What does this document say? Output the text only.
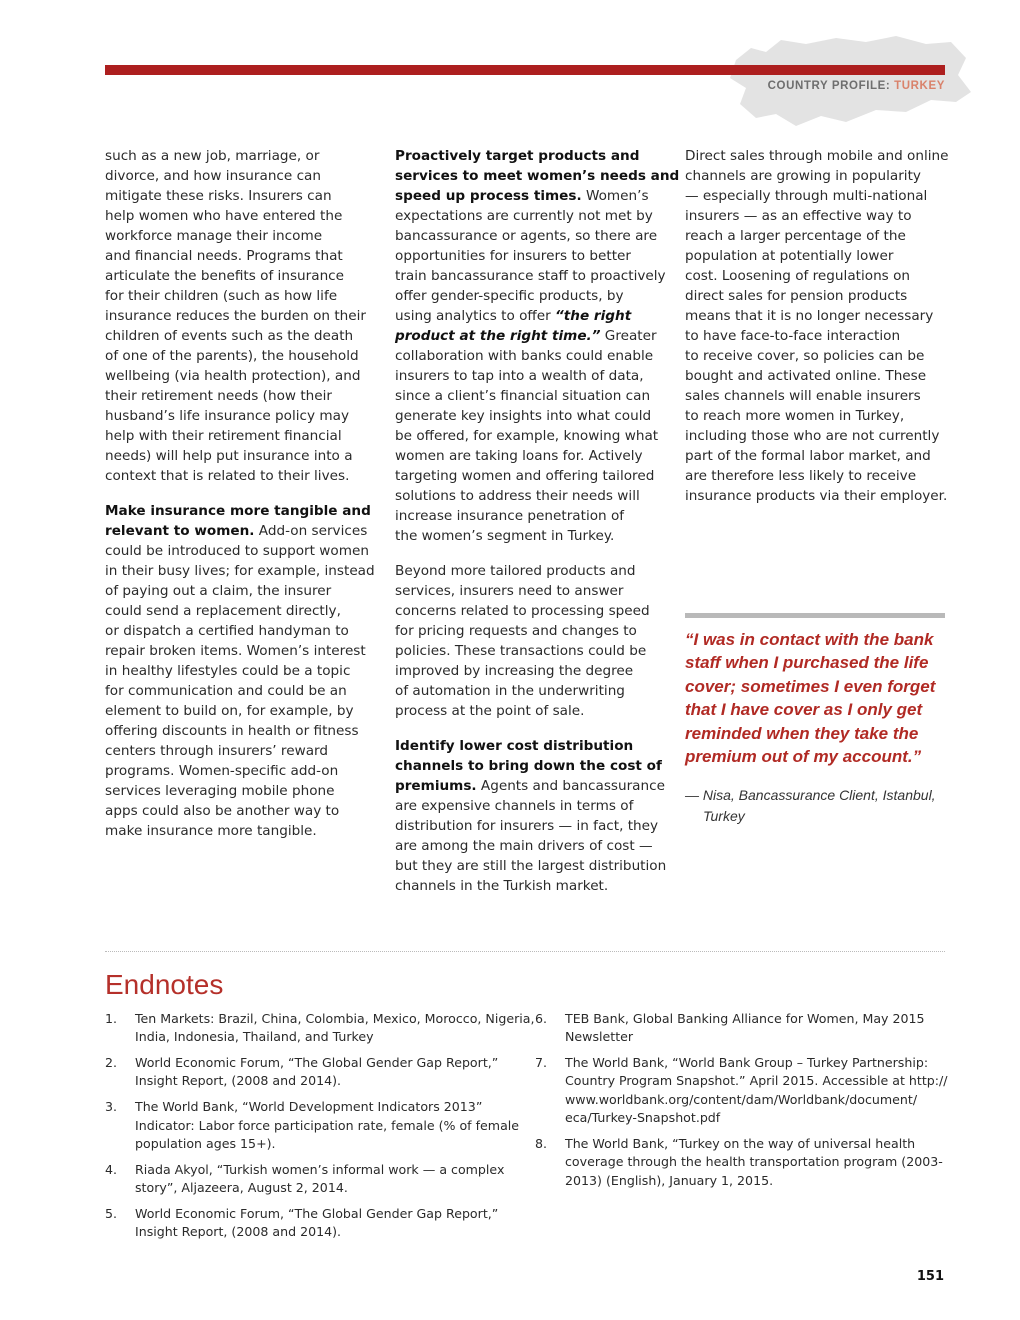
COUNTRY PROFILE: TURKEY

such as a new job, marriage, or
divorce, and how insurance can
mitigate these risks. Insurers can
help women who have entered the
workforce manage their income
and financial needs. Programs that
articulate the benefits of insurance
for their children (such as how life
insurance reduces the burden on their
children of events such as the death
of one of the parents), the household
wellbeing (via health protection), and
their retirement needs (how their
husband’s life insurance policy may
help with their retirement financial
needs) will help put insurance into a
context that is related to their lives.

Make insurance more tangible and
relevant to women. Add-on services
could be introduced to support women
in their busy lives; for example, instead
of paying out a claim, the insurer
could send a replacement directly,
or dispatch a certified handyman to
repair broken items. Women’s interest
in healthy lifestyles could be a topic
for communication and could be an
element to build on, for example, by
offering discounts in health or fitness
centers through insurers’ reward
programs. Women-specific add-on
services leveraging mobile phone
apps could also be another way to
make insurance more tangible.

Proactively target products and
services to meet women’s needs and
speed up process times. Women’s
expectations are currently not met by
bancassurance or agents, so there are
opportunities for insurers to better
train bancassurance staff to proactively
offer gender-specific products, by
using analytics to offer “the right
product at the right time.” Greater
collaboration with banks could enable
insurers to tap into a wealth of data,
since a client’s financial situation can
generate key insights into what could
be offered, for example, knowing what
women are taking loans for. Actively
targeting women and offering tailored
solutions to address their needs will
increase insurance penetration of
the women’s segment in Turkey.

Beyond more tailored products and
services, insurers need to answer
concerns related to processing speed
for pricing requests and changes to
policies. These transactions could be
improved by increasing the degree
of automation in the underwriting
process at the point of sale.

Identify lower cost distribution
channels to bring down the cost of
premiums. Agents and bancassurance
are expensive channels in terms of
distribution for insurers — in fact, they
are among the main drivers of cost —
but they are still the largest distribution
channels in the Turkish market.

Direct sales through mobile and online
channels are growing in popularity
— especially through multi-national
insurers — as an effective way to
reach a larger percentage of the
population at potentially lower
cost. Loosening of regulations on
direct sales for pension products
means that it is no longer necessary
to have face-to-face interaction
to receive cover, so policies can be
bought and activated online. These
sales channels will enable insurers
to reach more women in Turkey,
including those who are not currently
part of the formal labor market, and
are therefore less likely to receive
insurance products via their employer.

“I was in contact with the bank
staff when I purchased the life
cover; sometimes I even forget
that I have cover as I only get
reminded when they take the
premium out of my account.”
— Nisa, Bancassurance Client, Istanbul,
Turkey
Endnotes
1. Ten Markets: Brazil, China, Colombia, Mexico, Morocco, Nigeria,
India, Indonesia, Thailand, and Turkey
2. World Economic Forum, “The Global Gender Gap Report,”
Insight Report, (2008 and 2014).
3. The World Bank, “World Development Indicators 2013”
Indicator: Labor force participation rate, female (% of female
population ages 15+).
4. Riada Akyol, “Turkish women’s informal work — a complex
story”, Aljazeera, August 2, 2014.
5. World Economic Forum, “The Global Gender Gap Report,”
Insight Report, (2008 and 2014).
6. TEB Bank, Global Banking Alliance for Women, May 2015
Newsletter
7. The World Bank, “World Bank Group – Turkey Partnership:
Country Program Snapshot.” April 2015. Accessible at http://
www.worldbank.org/content/dam/Worldbank/document/
eca/Turkey-Snapshot.pdf
8. The World Bank, “Turkey on the way of universal health
coverage through the health transportation program (2003-
2013) (English), January 1, 2015.
151
